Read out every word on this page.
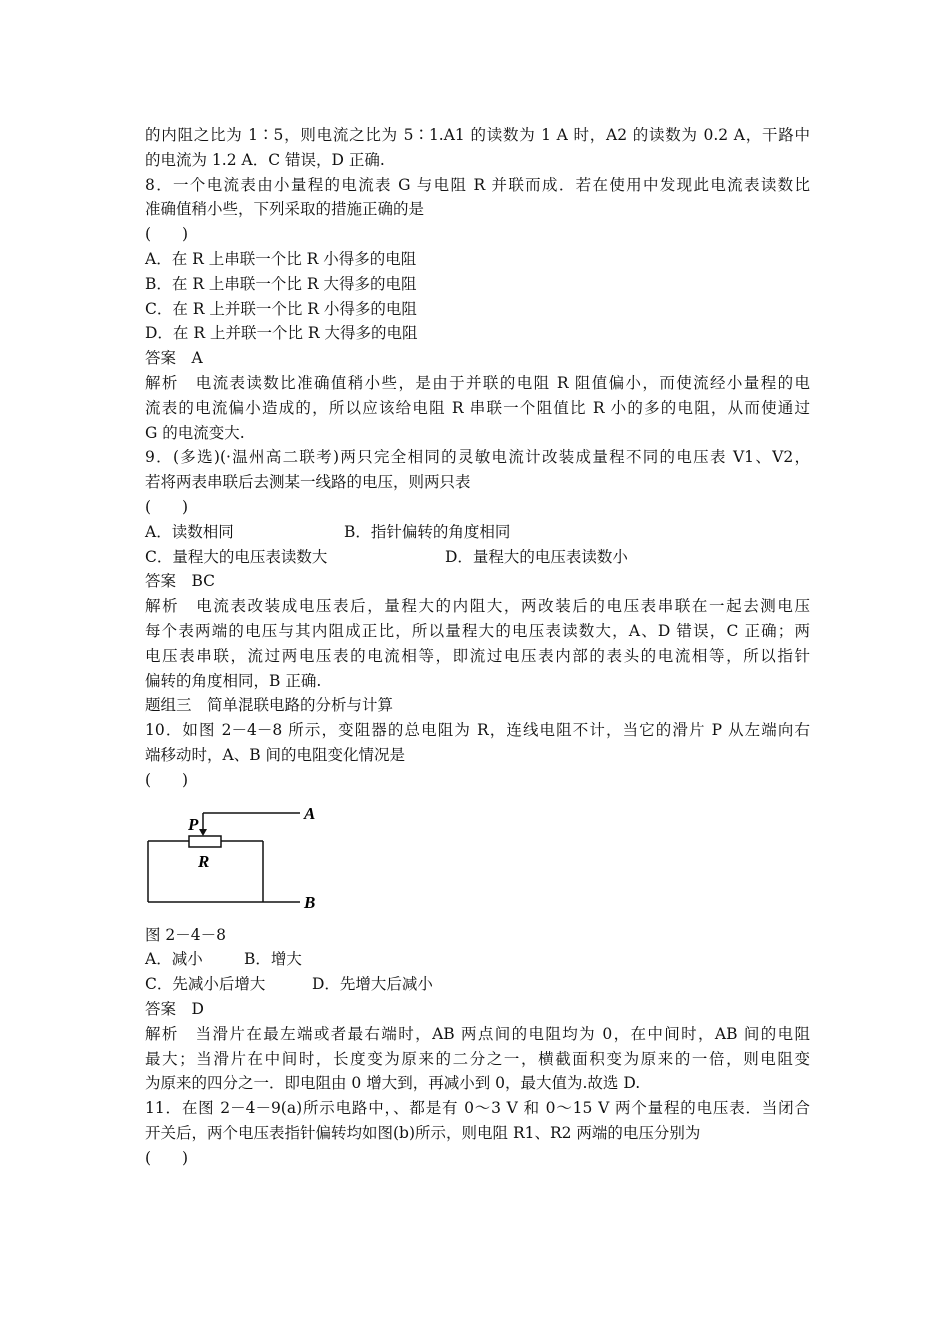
的内阻之比为 1∶5，则电流之比为 5∶1.A1 的读数为 1 A 时，A2 的读数为 0.2 A，干路中
的电流为 1.2 A．C 错误，D 正确.
8．一个电流表由小量程的电流表 G 与电阻 R 并联而成．若在使用中发现此电流表读数比
准确值稍小些，下列采取的措施正确的是
(　　)
A．在 R 上串联一个比 R 小得多的电阻
B．在 R 上串联一个比 R 大得多的电阻
C．在 R 上并联一个比 R 小得多的电阻
D．在 R 上并联一个比 R 大得多的电阻
答案　A
解析　电流表读数比准确值稍小些，是由于并联的电阻 R 阻值偏小，而使流经小量程的电
流表的电流偏小造成的，所以应该给电阻 R 串联一个阻值比 R 小的多的电阻，从而使通过
G 的电流变大.
9．(多选)(·温州高二联考)两只完全相同的灵敏电流计改装成量程不同的电压表 V1、V2，
若将两表串联后去测某一线路的电压，则两只表
(　　)
A．读数相同	B．指针偏转的角度相同
C．量程大的电压表读数大	D．量程大的电压表读数小
答案　BC
解析　电流表改装成电压表后，量程大的内阻大，两改装后的电压表串联在一起去测电压
每个表两端的电压与其内阻成正比，所以量程大的电压表读数大，A、D 错误，C 正确；两
电压表串联，流过两电压表的电流相等，即流过电压表内部的表头的电流相等，所以指针
偏转的角度相同，B 正确.
题组三　简单混联电路的分析与计算
10．如图 2－4－8 所示，变阻器的总电阻为 R，连线电阻不计，当它的滑片 P 从左端向右
端移动时，A、B 间的电阻变化情况是
(　　)
A
P
R
B
图 2－4－8
A．减小	B．增大
C．先减小后增大	D．先增大后减小
答案　D
解析　当滑片在最左端或者最右端时，AB 两点间的电阻均为 0，在中间时，AB 间的电阻
最大；当滑片在中间时，长度变为原来的二分之一，横截面积变为原来的一倍，则电阻变
为原来的四分之一．即电阻由 0 增大到，再减小到 0，最大值为.故选 D.
11．在图 2－4－9(a)所示电路中，、都是有 0～3 V 和 0～15 V 两个量程的电压表．当闭合
开关后，两个电压表指针偏转均如图(b)所示，则电阻 R1、R2 两端的电压分别为
(　　)
